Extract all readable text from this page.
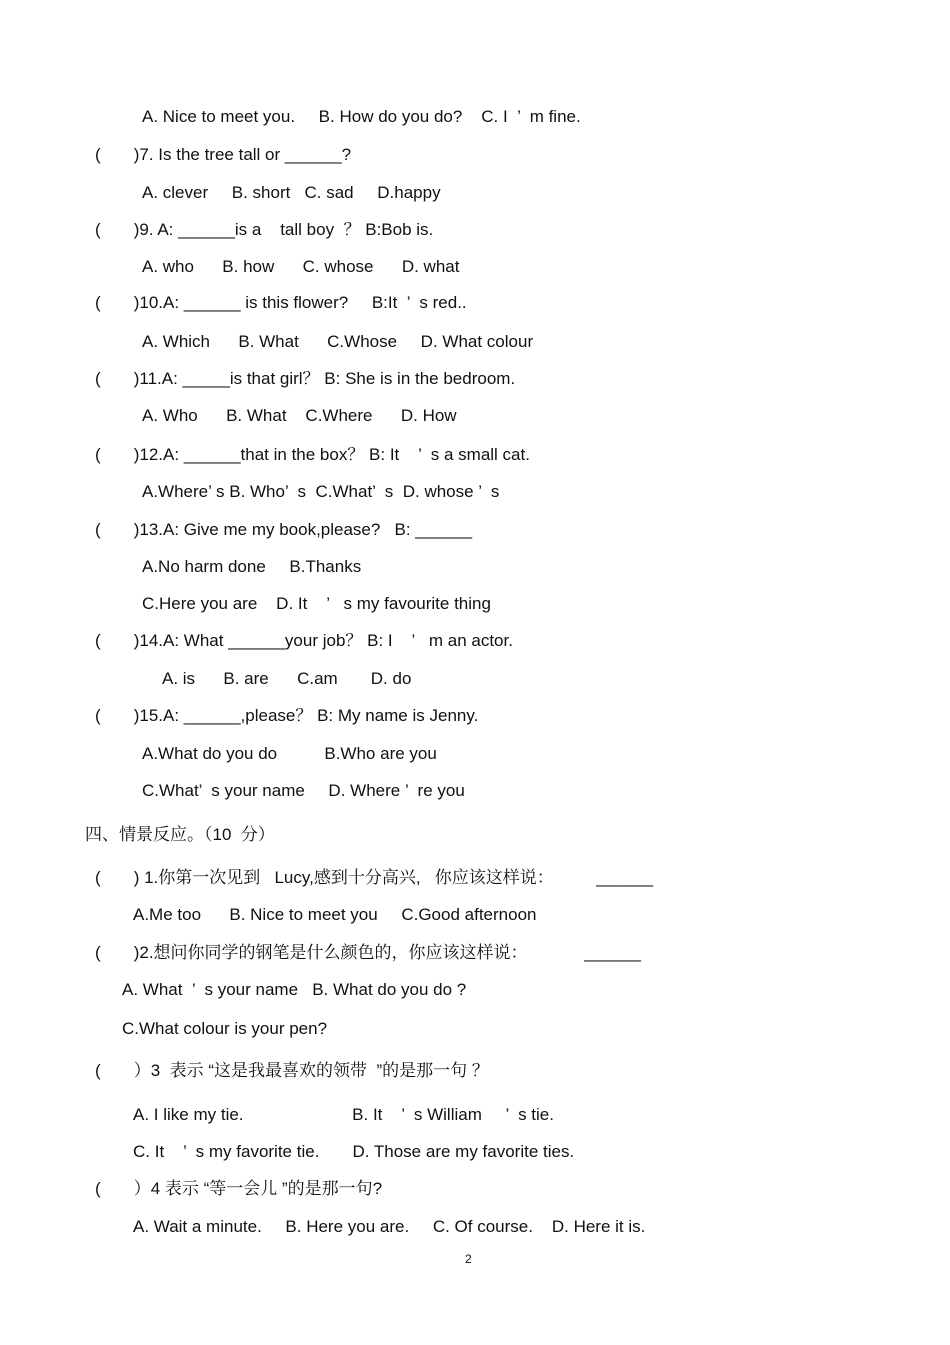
A. Nice to meet you.     B. How do you do?    C. I  ’  m fine.
(       )7. Is the tree tall or ______?
A. clever     B. short   C. sad     D.happy
(       )9. A: ______is a    tall boy  ？ B:Bob is.
A. who      B. how      C. whose      D. what
(       )10.A: ______ is this flower?     B:It  ’  s red..
A. Which      B. What      C.Whose     D. What colour
(       )11.A: _____is that girl？ B: She is in the bedroom.
A. Who      B. What    C.Where      D. How
(       )12.A: ______that in the box？ B: It    ’  s a small cat.
A.Where’ s B. Who’  s  C.What’  s  D. whose ’  s
(       )13.A: Give me my book,please?   B: ______
A.No harm done     B.Thanks
C.Here you are    D. It    ’   s my favourite thing
(       )14.A: What ______your job？ B: I    ’   m an actor.
A. is      B. are      C.am       D. do
(       )15.A: ______,please？ B: My name is Jenny.
A.What do you do          B.Who are you
C.What’  s your name     D. Where ’  re you
四、情景反应。（10  分）
(       ) 1.你第一次见到   Lucy,感到十分高兴,   你应该这样说：         ______
A.Me too      B. Nice to meet you     C.Good afternoon
(       )2.想问你同学的钢笔是什么颜色的，你应该这样说：            ______
A. What  ’  s your name   B. What do you do ?
C.What colour is your pen?
(       ）3  表示 “这是我最喜欢的领带  ”的是那一句 ？
A. I like my tie.                       B. It    ’  s William     ’  s tie.
C. It    ’  s my favorite tie.       D. Those are my favorite ties.
(       ）4 表示 “等一会儿 ”的是那一句?
A. Wait a minute.     B. Here you are.     C. Of course.    D. Here it is.
2
